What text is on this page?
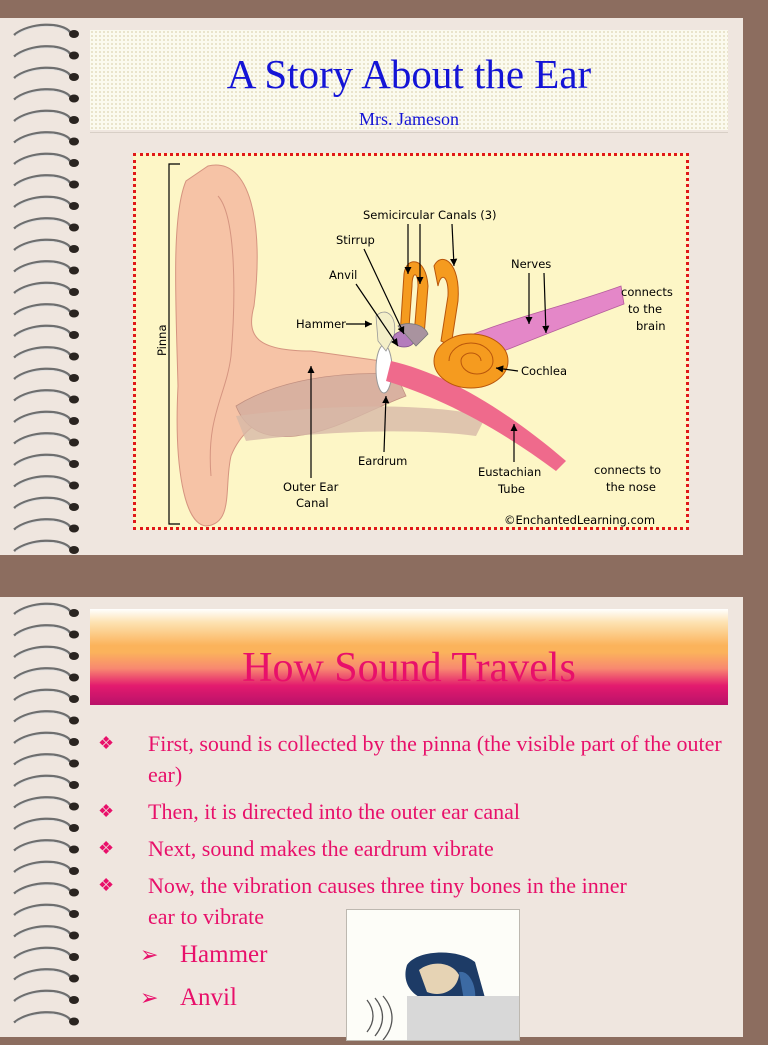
A Story About the Ear
Mrs. Jameson
Semicircular Canals (3)
Stirrup
Anvil
Hammer
Nerves
connects
to the
brain
Cochlea
Pinna
Eardrum
Outer Ear
Canal
Eustachian
Tube
connects to
the nose
©EnchantedLearning.com
How Sound Travels
❖ First, sound is collected by the pinna (the visible part of the outer ear)
❖ Then, it is directed into the outer ear canal
❖ Next, sound makes the eardrum vibrate
❖ Now, the vibration causes three tiny bones in the inner ear to vibrate
➢ Hammer
➢ Anvil
